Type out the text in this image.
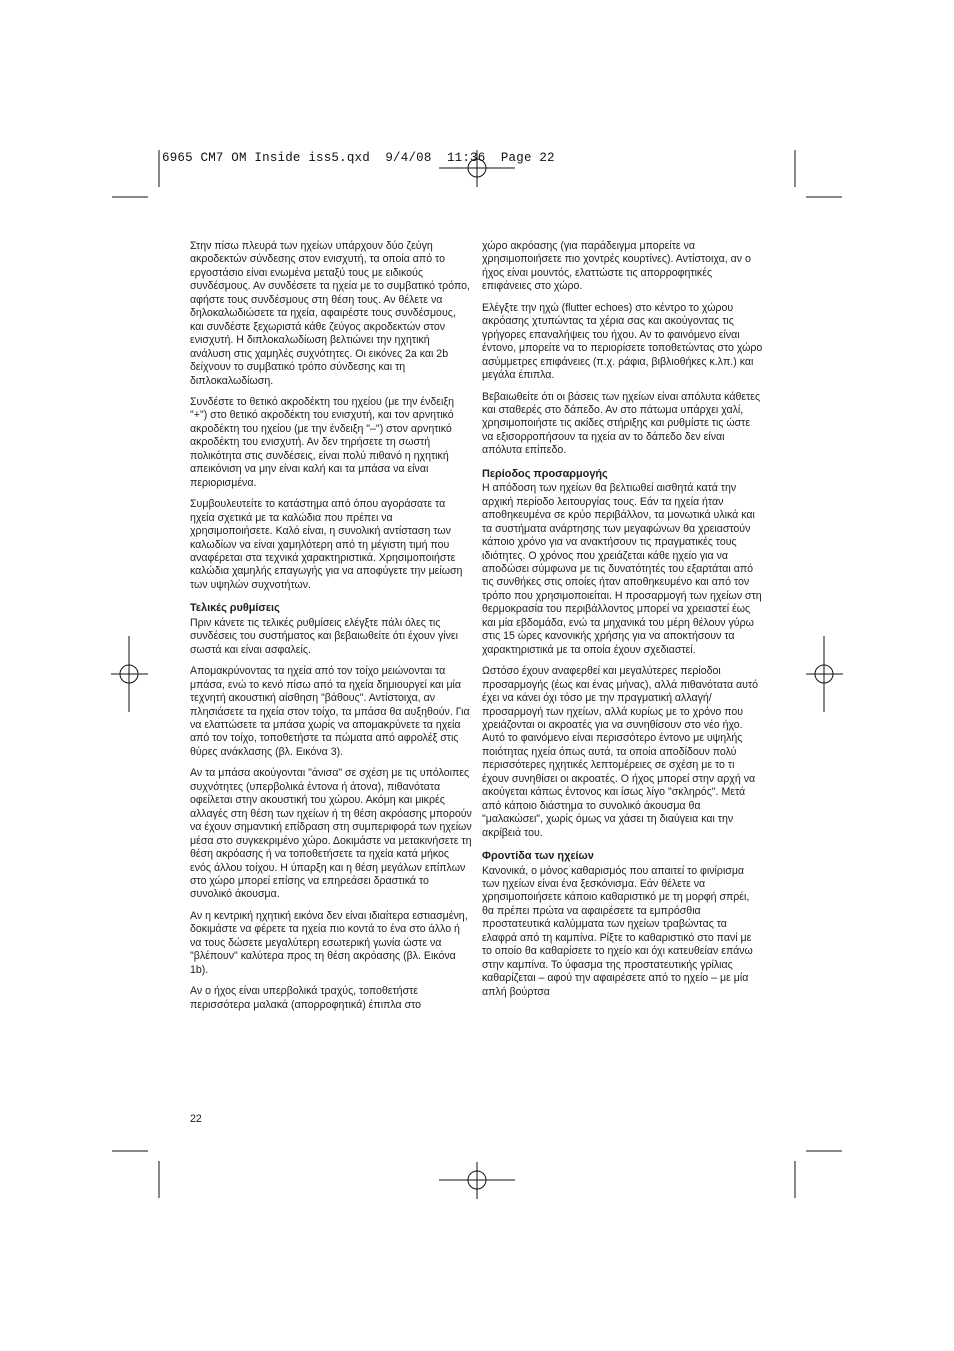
6965 CM7 OM Inside iss5.qxd  9/4/08  11:36  Page 22

Στην πίσω πλευρά των ηχείων υπάρχουν δύο ζεύγη ακροδεκτών σύνδεσης στον ενισχυτή, τα οποία από το εργοστάσιο είναι ενωμένα μεταξύ τους με ειδικούς συνδέσμους. Αν συνδέσετε τα ηχεία με το συμβατικό τρόπο, αφήστε τους συνδέσμους στη θέση τους. Αν θέλετε να δηλοκαλωδιώσετε τα ηχεία, αφαιρέστε τους συνδέσμους, και συνδέστε ξεχωριστά κάθε ζεύγος ακροδεκτών στον ενισχυτή. Η διπλοκαλωδίωση βελτιώνει την ηχητική ανάλυση στις χαμηλές συχνότητες. Οι εικόνες 2a και 2b δείχνουν το συμβατικό τρόπο σύνδεσης και τη διπλοκαλωδίωση.

Συνδέστε το θετικό ακροδέκτη του ηχείου (με την ένδειξη "+") στο θετικό ακροδέκτη του ενισχυτή, και τον αρνητικό ακροδέκτη του ηχείου (με την ένδειξη "–") στον αρνητικό ακροδέκτη του ενισχυτή. Αν δεν τηρήσετε τη σωστή πολικότητα στις συνδέσεις, είναι πολύ πιθανό η ηχητική απεικόνιση να μην είναι καλή και τα μπάσα να είναι περιορισμένα.

Συμβουλευτείτε το κατάστημα από όπου αγοράσατε τα ηχεία σχετικά με τα καλώδια που πρέπει να χρησιμοποιήσετε. Καλό είναι, η συνολική αντίσταση των καλωδίων να είναι χαμηλότερη από τη μέγιστη τιμή που αναφέρεται στα τεχνικά χαρακτηριστικά. Χρησιμοποιήστε καλώδια χαμηλής επαγωγής για να αποφύγετε την μείωση των υψηλών συχνοτήτων.

Τελικές ρυθμίσεις

Πριν κάνετε τις τελικές ρυθμίσεις ελέγξτε πάλι όλες τις συνδέσεις του συστήματος και βεβαιωθείτε ότι έχουν γίνει σωστά και είναι ασφαλείς.

Απομακρύνοντας τα ηχεία από τον τοίχο μειώνονται τα μπάσα, ενώ το κενό πίσω από τα ηχεία δημιουργεί και μία τεχνητή ακουστική αίσθηση "βάθους". Αντίστοιχα, αν πλησιάσετε τα ηχεία στον τοίχο, τα μπάσα θα αυξηθούν. Για να ελαττώσετε τα μπάσα χωρίς να απομακρύνετε τα ηχεία από τον τοίχο, τοποθετήστε τα πώματα από αφρολέξ στις θύρες ανάκλασης (βλ. Εικόνα 3).

Αν τα μπάσα ακούγονται "άνισα" σε σχέση με τις υπόλοιπες συχνότητες (υπερβολικά έντονα ή άτονα), πιθανότατα οφείλεται στην ακουστική του χώρου. Ακόμη και μικρές αλλαγές στη θέση των ηχείων ή τη θέση ακρόασης μπορούν να έχουν σημαντική επίδραση στη συμπεριφορά των ηχείων μέσα στο συγκεκριμένο χώρο. Δοκιμάστε να μετακινήσετε τη θέση ακρόασης ή να τοποθετήσετε τα ηχεία κατά μήκος ενός άλλου τοίχου. Η ύπαρξη και η θέση μεγάλων επίπλων στο χώρο μπορεί επίσης να επηρεάσει δραστικά το συνολικό άκουσμα.

Αν η κεντρική ηχητική εικόνα δεν είναι ιδιαίτερα εστιασμένη, δοκιμάστε να φέρετε τα ηχεία πιο κοντά το ένα στο άλλο ή να τους δώσετε μεγαλύτερη εσωτερική γωνία ώστε να "βλέπουν" καλύτερα προς τη θέση ακρόασης (βλ. Εικόνα 1b).

Αν ο ήχος είναι υπερβολικά τραχύς, τοποθετήστε περισσότερα μαλακά (απορροφητικά) έπιπλα στο

χώρο ακρόασης (για παράδειγμα μπορείτε να χρησιμοποιήσετε πιο χοντρές κουρτίνες). Αντίστοιχα, αν ο ήχος είναι μουντός, ελαττώστε τις απορροφητικές επιφάνειες στο χώρο.

Ελέγξτε την ηχώ (flutter echoes) στο κέντρο το χώρου ακρόασης χτυπώντας τα χέρια σας και ακούγοντας τις γρήγορες επαναλήψεις του ήχου. Αν το φαινόμενο είναι έντονο, μπορείτε να το περιορίσετε τοποθετώντας στο χώρο ασύμμετρες επιφάνειες (π.χ. ράφια, βιβλιοθήκες κ.λπ.) και μεγάλα έπιπλα.

Βεβαιωθείτε ότι οι βάσεις των ηχείων είναι απόλυτα κάθετες και σταθερές στο δάπεδο. Αν στο πάτωμα υπάρχει χαλί, χρησιμοποιήστε τις ακίδες στήριξης και ρυθμίστε τις ώστε να εξισορροπήσουν τα ηχεία αν το δάπεδο δεν είναι απόλυτα επίπεδο.

Περίοδος προσαρμογής

Η απόδοση των ηχείων θα βελτιωθεί αισθητά κατά την αρχική περίοδο λειτουργίας τους. Εάν τα ηχεία ήταν αποθηκευμένα σε κρύο περιβάλλον, τα μονωτικά υλικά και τα συστήματα ανάρτησης των μεγαφώνων θα χρειαστούν κάποιο χρόνο για να ανακτήσουν τις πραγματικές τους ιδιότητες. Ο χρόνος που χρειάζεται κάθε ηχείο για να αποδώσει σύμφωνα με τις δυνατότητές του εξαρτάται από τις συνθήκες στις οποίες ήταν αποθηκευμένο και από τον τρόπο που χρησιμοποιείται. Η προσαρμογή των ηχείων στη θερμοκρασία του περιβάλλοντος μπορεί να χρειαστεί έως και μία εβδομάδα, ενώ τα μηχανικά του μέρη θέλουν γύρω στις 15 ώρες κανονικής χρήσης για να αποκτήσουν τα χαρακτηριστικά με τα οποία έχουν σχεδιαστεί.

Ωστόσο έχουν αναφερθεί και μεγαλύτερες περίοδοι προσαρμογής (έως και ένας μήνας), αλλά πιθανότατα αυτό έχει να κάνει όχι τόσο με την πραγματική αλλαγή/προσαρμογή των ηχείων, αλλά κυρίως με το χρόνο που χρειάζονται οι ακροατές για να συνηθίσουν στο νέο ήχο. Αυτό το φαινόμενο είναι περισσότερο έντονο με υψηλής ποιότητας ηχεία όπως αυτά, τα οποία αποδίδουν πολύ περισσότερες ηχητικές λεπτομέρειες σε σχέση με το τι έχουν συνηθίσει οι ακροατές. Ο ήχος μπορεί στην αρχή να ακούγεται κάπως έντονος και ίσως λίγο "σκληρός". Μετά από κάποιο διάστημα το συνολικό άκουσμα θα "μαλακώσει", χωρίς όμως να χάσει τη διαύγεια και την ακρίβειά του.

Φροντίδα των ηχείων

Κανονικά, ο μόνος καθαρισμός που απαιτεί το φινίρισμα των ηχείων είναι ένα ξεσκόνισμα. Εάν θέλετε να χρησιμοποιήσετε κάποιο καθαριστικό με τη μορφή σπρέι, θα πρέπει πρώτα να αφαιρέσετε τα εμπρόσθια προστατευτικά καλύμματα των ηχείων τραβώντας τα ελαφρά από τη καμπίνα. Ρίξτε το καθαριστικό στο πανί με το οποίο θα καθαρίσετε το ηχείο και όχι κατευθείαν επάνω στην καμπίνα. Το ύφασμα της προστατευτικής γρίλιας καθαρίζεται – αφού την αφαιρέσετε από το ηχείο – με μία απλή βούρτσα

22
